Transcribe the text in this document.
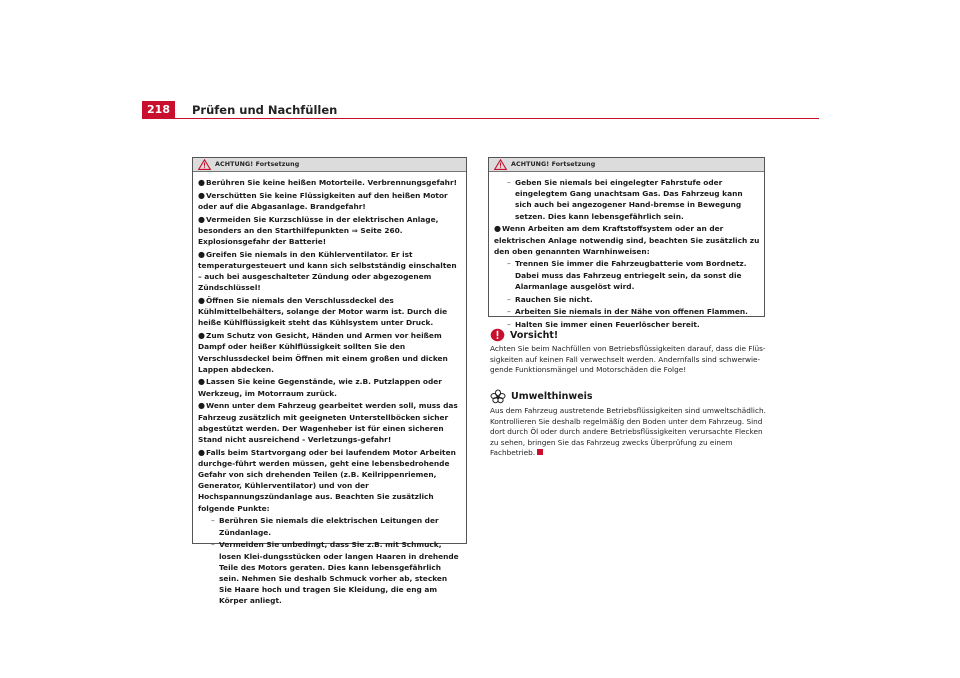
218	Prüfen und Nachfüllen
ACHTUNG! Fortsetzung
●Berühren Sie keine heißen Motorteile. Verbrennungsgefahr!
●Verschütten Sie keine Flüssigkeiten auf den heißen Motor oder auf die Abgasanlage. Brandgefahr!
●Vermeiden Sie Kurzschlüsse in der elektrischen Anlage, besonders an den Starthilfepunkten ⇒ Seite 260. Explosionsgefahr der Batterie!
●Greifen Sie niemals in den Kühlerventilator. Er ist temperaturgesteuert und kann sich selbstständig einschalten – auch bei ausgeschalteter Zündung oder abgezogenem Zündschlüssel!
●Öffnen Sie niemals den Verschlussdeckel des Kühlmittelbehälters, solange der Motor warm ist. Durch die heiße Kühlflüssigkeit steht das Kühlsystem unter Druck.
●Zum Schutz von Gesicht, Händen und Armen vor heißem Dampf oder heißer Kühlflüssigkeit sollten Sie den Verschlussdeckel beim Öffnen mit einem großen und dicken Lappen abdecken.
●Lassen Sie keine Gegenstände, wie z.B. Putzlappen oder Werkzeug, im Motorraum zurück.
●Wenn unter dem Fahrzeug gearbeitet werden soll, muss das Fahrzeug zusätzlich mit geeigneten Unterstellböcken sicher abgestützt werden. Der Wagenheber ist für einen sicheren Stand nicht ausreichend - Verletzungs-gefahr!
●Falls beim Startvorgang oder bei laufendem Motor Arbeiten durchge-führt werden müssen, geht eine lebensbedrohende Gefahr von sich drehenden Teilen (z.B. Keilrippenriemen, Generator, Kühlerventilator) und von der Hochspannungszündanlage aus. Beachten Sie zusätzlich folgende Punkte:
– Berühren Sie niemals die elektrischen Leitungen der Zündanlage.
– Vermeiden Sie unbedingt, dass Sie z.B. mit Schmuck, losen Klei-dungsstücken oder langen Haaren in drehende Teile des Motors geraten. Dies kann lebensgefährlich sein. Nehmen Sie deshalb Schmuck vorher ab, stecken Sie Haare hoch und tragen Sie Kleidung, die eng am Körper anliegt.
ACHTUNG! Fortsetzung
– Geben Sie niemals bei eingelegter Fahrstufe oder eingelegtem Gang unachtsam Gas. Das Fahrzeug kann sich auch bei angezogener Hand-bremse in Bewegung setzen. Dies kann lebensgefährlich sein.
●Wenn Arbeiten am dem Kraftstoffsystem oder an der elektrischen Anlage notwendig sind, beachten Sie zusätzlich zu den oben genannten Warnhinweisen:
– Trennen Sie immer die Fahrzeugbatterie vom Bordnetz. Dabei muss das Fahrzeug entriegelt sein, da sonst die Alarmanlage ausgelöst wird.
– Rauchen Sie nicht.
– Arbeiten Sie niemals in der Nähe von offenen Flammen.
– Halten Sie immer einen Feuerlöscher bereit.
Vorsicht!
Achten Sie beim Nachfüllen von Betriebsflüssigkeiten darauf, dass die Flüs-sigkeiten auf keinen Fall verwechselt werden. Andernfalls sind schwerwie-gende Funktionsmängel und Motorschäden die Folge!
Umwelthinweis
Aus dem Fahrzeug austretende Betriebsflüssigkeiten sind umweltschädlich. Kontrollieren Sie deshalb regelmäßig den Boden unter dem Fahrzeug. Sind dort durch Öl oder durch andere Betriebsflüssigkeiten verursachte Flecken zu sehen, bringen Sie das Fahrzeug zwecks Überprüfung zu einem Fachbetrieb.
